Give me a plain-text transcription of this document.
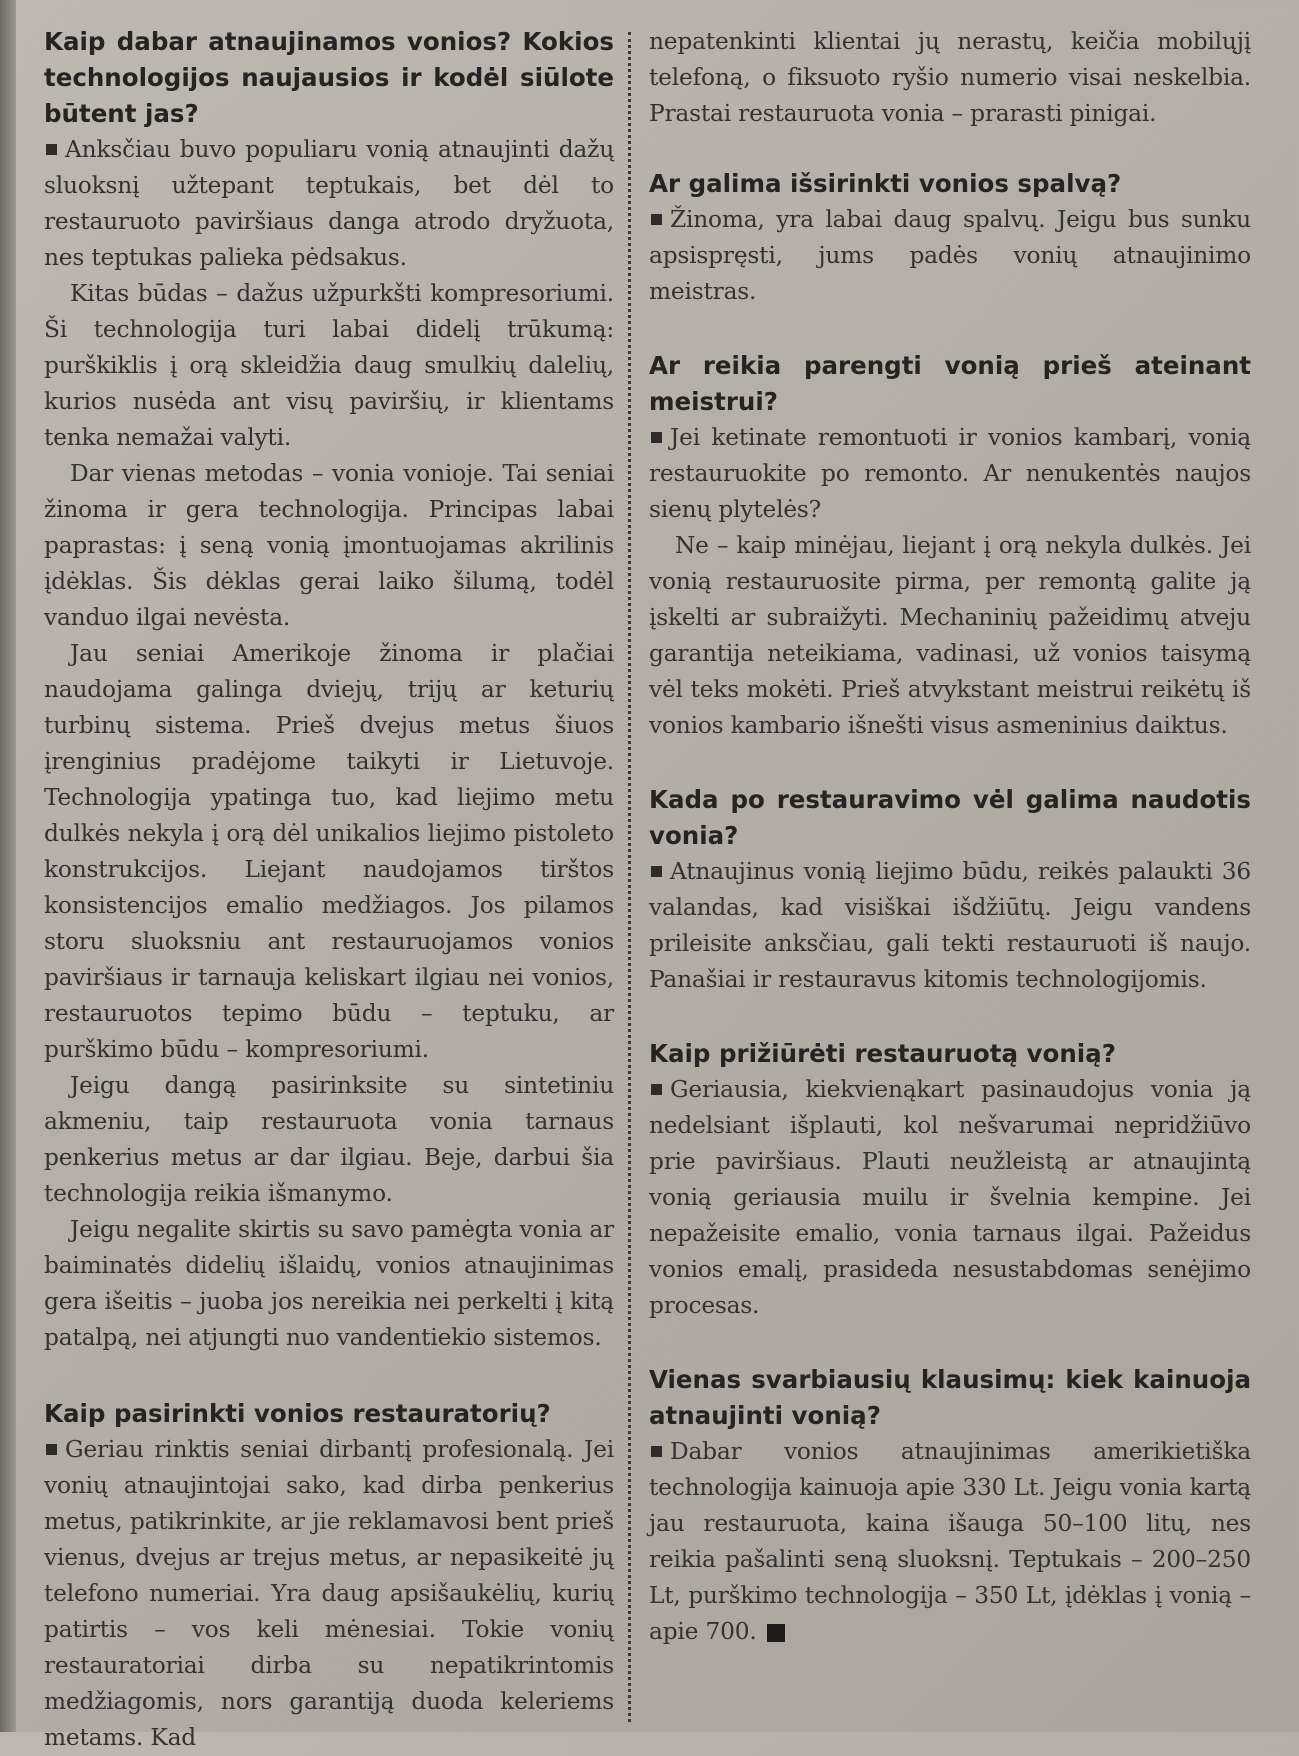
Kaip dabar atnaujinamos vonios? Kokios technologijos naujausios ir kodėl siūlote būtent jas?

Anksčiau buvo populiaru vonią atnaujinti dažų sluoksnį užtepant teptukais, bet dėl to restauruoto paviršiaus danga atrodo dryžuota, nes teptukas palieka pėdsakus.

Kitas būdas – dažus užpurkšti kompresoriumi. Ši technologija turi labai didelį trūkumą: purškiklis į orą skleidžia daug smulkių dalelių, kurios nusėda ant visų paviršių, ir klientams tenka nemažai valyti.

Dar vienas metodas – vonia vonioje. Tai seniai žinoma ir gera technologija. Principas labai paprastas: į seną vonią įmontuojamas akrilinis įdėklas. Šis dėklas gerai laiko šilumą, todėl vanduo ilgai nevėsta.

Jau seniai Amerikoje žinoma ir plačiai naudojama galinga dviejų, trijų ar keturių turbinų sistema. Prieš dvejus metus šiuos įrenginius pradėjome taikyti ir Lietuvoje. Technologija ypatinga tuo, kad liejimo metu dulkės nekyla į orą dėl unikalios liejimo pistoleto konstrukcijos. Liejant naudojamos tirštos konsistencijos emalio medžiagos. Jos pilamos storu sluoksniu ant restauruojamos vonios paviršiaus ir tarnauja keliskart ilgiau nei vonios, restauruotos tepimo būdu – teptuku, ar purškimo būdu – kompresoriumi.

Jeigu dangą pasirinksite su sintetiniu akmeniu, taip restauruota vonia tarnaus penkerius metus ar dar ilgiau. Beje, darbui šia technologija reikia išmanymo.

Jeigu negalite skirtis su savo pamėgta vonia ar baiminatės didelių išlaidų, vonios atnaujinimas gera išeitis – juoba jos nereikia nei perkelti į kitą patalpą, nei atjungti nuo vandentiekio sistemos.

Kaip pasirinkti vonios restauratorių?

Geriau rinktis seniai dirbantį profesionalą. Jei vonių atnaujintojai sako, kad dirba penkerius metus, patikrinkite, ar jie reklamavosi bent prieš vienus, dvejus ar trejus metus, ar nepasikeitė jų telefono numeriai. Yra daug apsišaukėlių, kurių patirtis – vos keli mėnesiai. Tokie vonių restauratoriai dirba su nepatikrintomis medžiagomis, nors garantiją duoda keleriems metams. Kad

nepatenkinti klientai jų nerastų, keičia mobilųjį telefoną, o fiksuoto ryšio numerio visai neskelbia. Prastai restauruota vonia – prarasti pinigai.

Ar galima išsirinkti vonios spalvą?

Žinoma, yra labai daug spalvų. Jeigu bus sunku apsispręsti, jums padės vonių atnaujinimo meistras.

Ar reikia parengti vonią prieš ateinant meistrui?

Jei ketinate remontuoti ir vonios kambarį, vonią restauruokite po remonto. Ar nenukentės naujos sienų plytelės?

Ne – kaip minėjau, liejant į orą nekyla dulkės. Jei vonią restauruosite pirma, per remontą galite ją įskelti ar subraižyti. Mechaninių pažeidimų atveju garantija neteikiama, vadinasi, už vonios taisymą vėl teks mokėti. Prieš atvykstant meistrui reikėtų iš vonios kambario išnešti visus asmeninius daiktus.

Kada po restauravimo vėl galima naudotis vonia?

Atnaujinus vonią liejimo būdu, reikės palaukti 36 valandas, kad visiškai išdžiūtų. Jeigu vandens prileisite anksčiau, gali tekti restauruoti iš naujo. Panašiai ir restauravus kitomis technologijomis.

Kaip prižiūrėti restauruotą vonią?

Geriausia, kiekvienąkart pasinaudojus vonia ją nedelsiant išplauti, kol nešvarumai nepridžiūvo prie paviršiaus. Plauti neužleistą ar atnaujintą vonią geriausia muilu ir švelnia kempine. Jei nepažeisite emalio, vonia tarnaus ilgai. Pažeidus vonios emalį, prasideda nesustabdomas senėjimo procesas.

Vienas svarbiausių klausimų: kiek kainuoja atnaujinti vonią?

Dabar vonios atnaujinimas amerikietiška technologija kainuoja apie 330 Lt. Jeigu vonia kartą jau restauruota, kaina išauga 50–100 litų, nes reikia pašalinti seną sluoksnį. Teptukais – 200–250 Lt, purškimo technologija – 350 Lt, įdėklas į vonią – apie 700.
